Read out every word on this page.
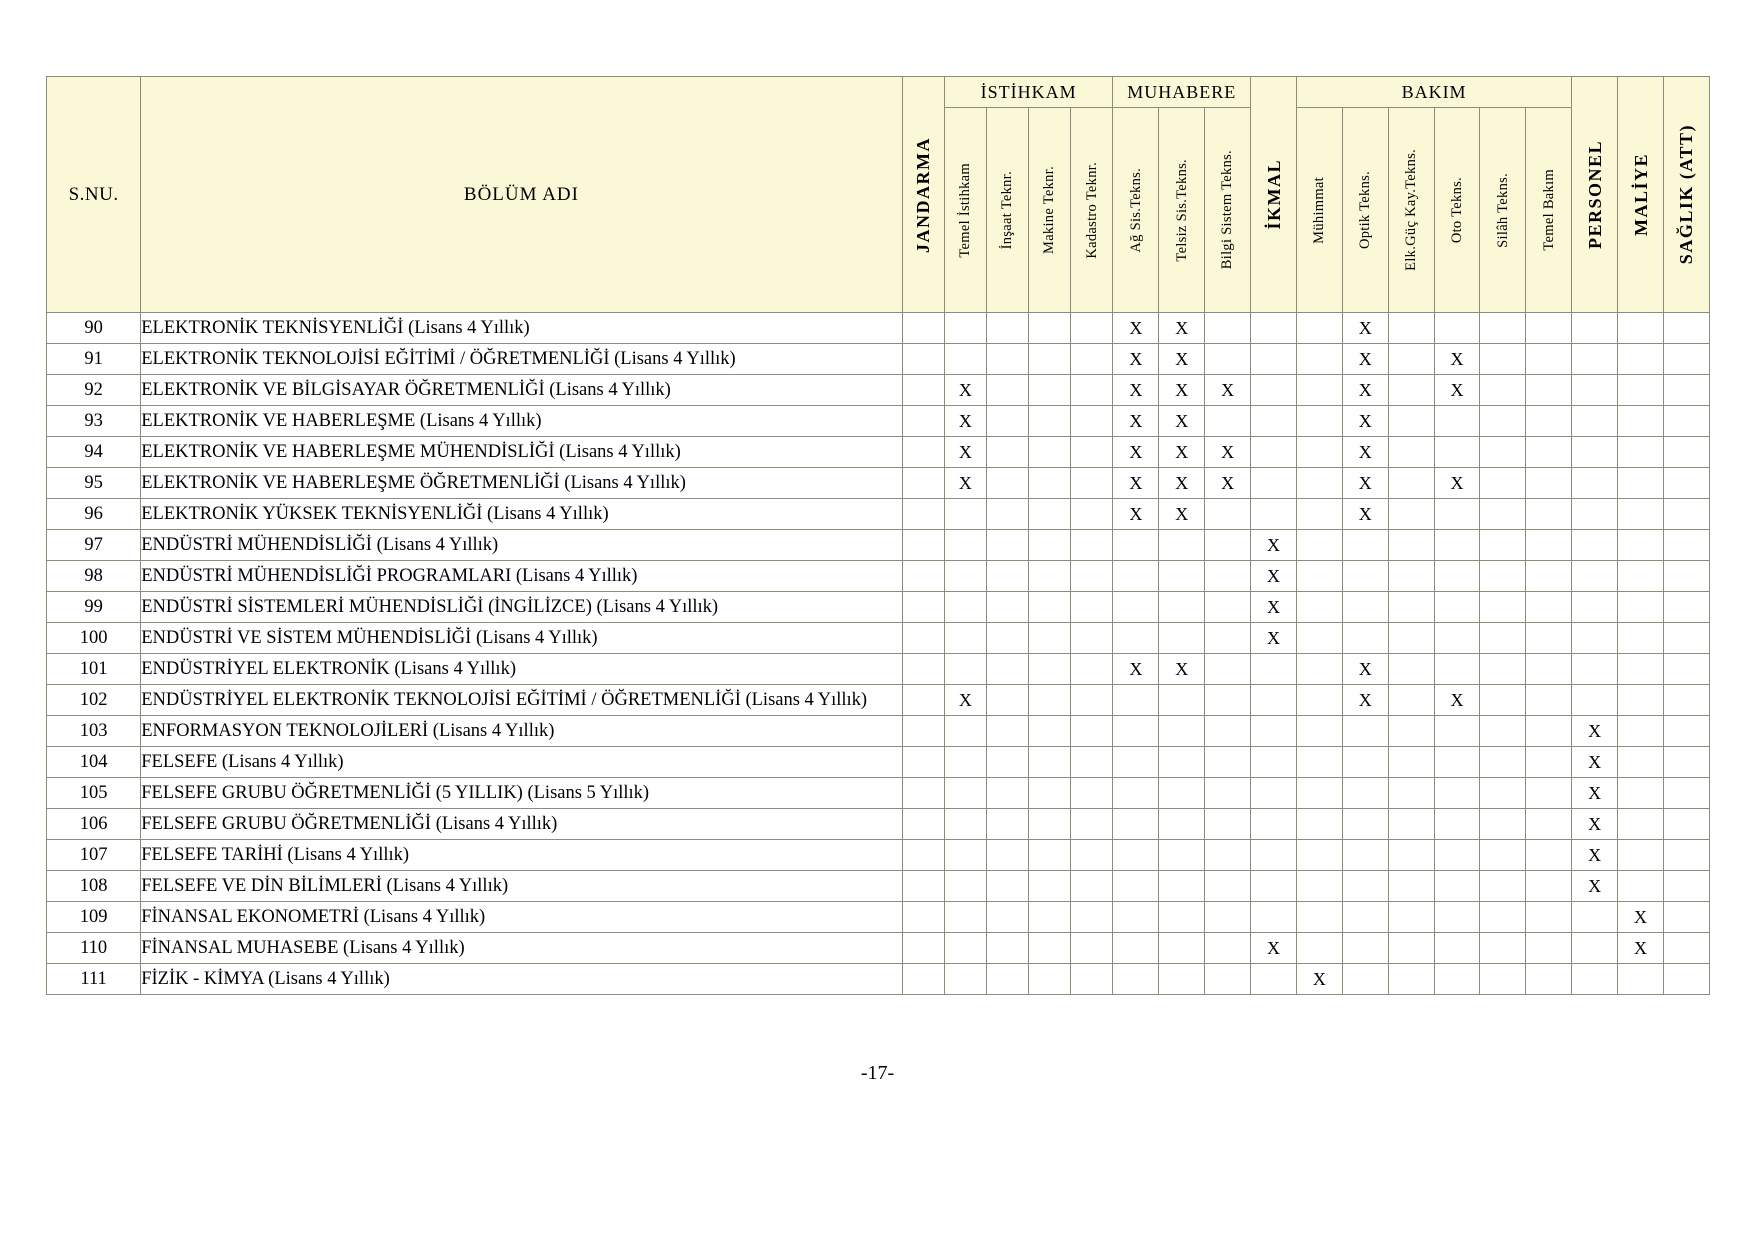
S.NU.	BÖLÜM ADI	JANDARMA	İSTİHKAM				MUHABERE			İKMAL	BAKIM						PERSONEL	MALİYE	SAĞLIK (ATT)

			Temel İstihkam	İnşaat Teknr.	Makine Teknr.	Kadastro Teknr.	Ağ Sis.Tekns.	Telsiz Sis.Tekns.	Bilgi Sistem Tekns.		Mühimmat	Optik Tekns.	Elk.Güç Kay.Tekns.	Oto Tekns.	Silâh Tekns.	Temel Bakım			

90	ELEKTRONİK TEKNİSYENLİĞİ (Lisans 4 Yıllık)						X	X				X							
91	ELEKTRONİK TEKNOLOJİSİ EĞİTİMİ / ÖĞRETMENLİĞİ (Lisans 4 Yıllık)						X	X				X		X					
92	ELEKTRONİK VE BİLGİSAYAR ÖĞRETMENLİĞİ (Lisans 4 Yıllık)		X				X	X	X			X		X					
93	ELEKTRONİK VE HABERLEŞME (Lisans 4 Yıllık)		X				X	X				X							
94	ELEKTRONİK VE HABERLEŞME MÜHENDİSLİĞİ (Lisans 4 Yıllık)		X				X	X	X			X							
95	ELEKTRONİK VE HABERLEŞME ÖĞRETMENLİĞİ (Lisans 4 Yıllık)		X				X	X	X			X		X					
96	ELEKTRONİK YÜKSEK TEKNİSYENLİĞİ (Lisans 4 Yıllık)						X	X				X							
97	ENDÜSTRİ MÜHENDİSLİĞİ (Lisans 4 Yıllık)									X									
98	ENDÜSTRİ MÜHENDİSLİĞİ PROGRAMLARI (Lisans 4 Yıllık)									X									
99	ENDÜSTRİ SİSTEMLERİ MÜHENDİSLİĞİ (İNGİLİZCE) (Lisans 4 Yıllık)									X									
100	ENDÜSTRİ VE SİSTEM MÜHENDİSLİĞİ (Lisans 4 Yıllık)									X									
101	ENDÜSTRİYEL ELEKTRONİK (Lisans 4 Yıllık)						X	X				X							
102	ENDÜSTRİYEL ELEKTRONİK TEKNOLOJİSİ EĞİTİMİ / ÖĞRETMENLİĞİ (Lisans 4 Yıllık)		X									X		X					
103	ENFORMASYON TEKNOLOJİLERİ (Lisans 4 Yıllık)																X		
104	FELSEFE (Lisans 4 Yıllık)																X		
105	FELSEFE GRUBU ÖĞRETMENLİĞİ (5 YILLIK) (Lisans 5 Yıllık)																X		
106	FELSEFE GRUBU ÖĞRETMENLİĞİ (Lisans 4 Yıllık)																X		
107	FELSEFE TARİHİ (Lisans 4 Yıllık)																X		
108	FELSEFE VE DİN BİLİMLERİ (Lisans 4 Yıllık)																X		
109	FİNANSAL EKONOMETRİ (Lisans 4 Yıllık)																	X	
110	FİNANSAL MUHASEBE (Lisans 4 Yıllık)									X								X	
111	FİZİK - KİMYA (Lisans 4 Yıllık)										X								
-17-
